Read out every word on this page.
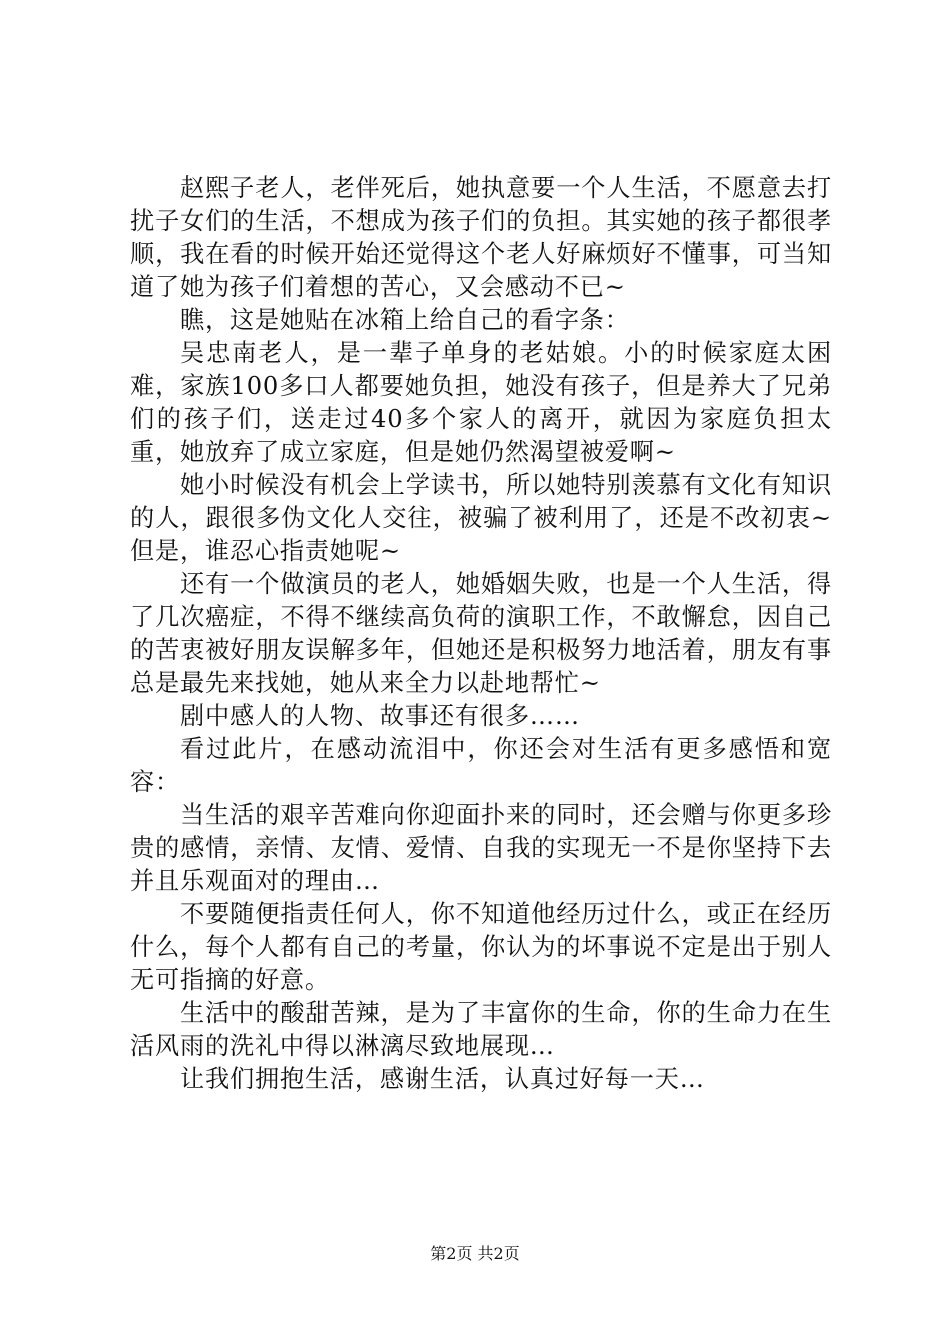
赵熙子老人，老伴死后，她执意要一个人生活，不愿意去打扰子女们的生活，不想成为孩子们的负担。其实她的孩子都很孝顺，我在看的时候开始还觉得这个老人好麻烦好不懂事，可当知道了她为孩子们着想的苦心，又会感动不已~

瞧，这是她贴在冰箱上给自己的看字条：

吴忠南老人，是一辈子单身的老姑娘。小的时候家庭太困难，家族100多口人都要她负担，她没有孩子，但是养大了兄弟们的孩子们，送走过40多个家人的离开，就因为家庭负担太重，她放弃了成立家庭，但是她仍然渴望被爱啊~

她小时候没有机会上学读书，所以她特别羡慕有文化有知识的人，跟很多伪文化人交往，被骗了被利用了，还是不改初衷~但是，谁忍心指责她呢~

还有一个做演员的老人，她婚姻失败，也是一个人生活，得了几次癌症，不得不继续高负荷的演职工作，不敢懈怠，因自己的苦衷被好朋友误解多年，但她还是积极努力地活着，朋友有事总是最先来找她，她从来全力以赴地帮忙~

剧中感人的人物、故事还有很多……

看过此片，在感动流泪中，你还会对生活有更多感悟和宽容：

当生活的艰辛苦难向你迎面扑来的同时，还会赠与你更多珍贵的感情，亲情、友情、爱情、自我的实现无一不是你坚持下去并且乐观面对的理由…

不要随便指责任何人，你不知道他经历过什么，或正在经历什么，每个人都有自己的考量，你认为的坏事说不定是出于别人无可指摘的好意。

生活中的酸甜苦辣，是为了丰富你的生命，你的生命力在生活风雨的洗礼中得以淋漓尽致地展现…

让我们拥抱生活，感谢生活，认真过好每一天…

第2页 共2页
